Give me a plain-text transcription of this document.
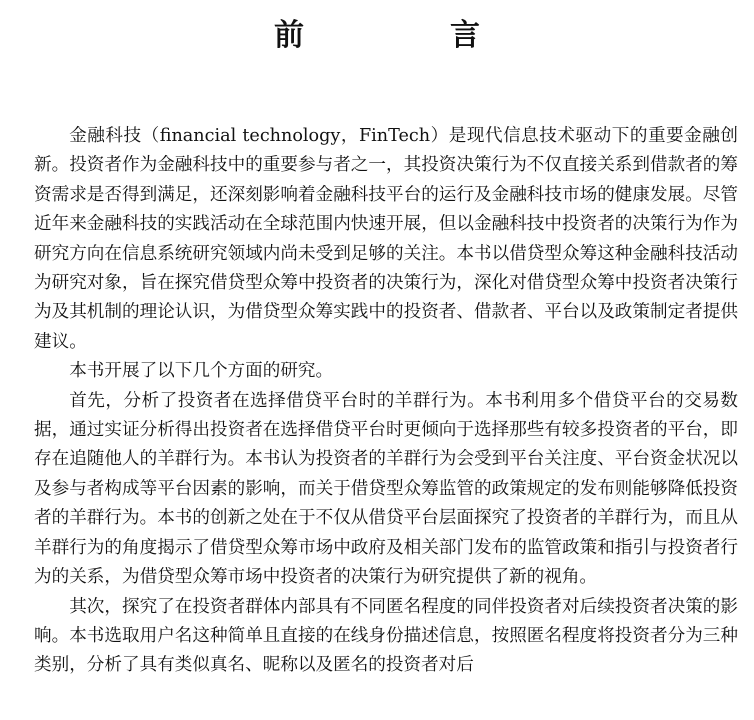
前　言

金融科技（financial technology，FinTech）是现代信息技术驱动下的重要金融创新。投资者作为金融科技中的重要参与者之一，其投资决策行为不仅直接关系到借款者的筹资需求是否得到满足，还深刻影响着金融科技平台的运行及金融科技市场的健康发展。尽管近年来金融科技的实践活动在全球范围内快速开展，但以金融科技中投资者的决策行为作为研究方向在信息系统研究领域内尚未受到足够的关注。本书以借贷型众筹这种金融科技活动为研究对象，旨在探究借贷型众筹中投资者的决策行为，深化对借贷型众筹中投资者决策行为及其机制的理论认识，为借贷型众筹实践中的投资者、借款者、平台以及政策制定者提供建议。

本书开展了以下几个方面的研究。

首先，分析了投资者在选择借贷平台时的羊群行为。本书利用多个借贷平台的交易数据，通过实证分析得出投资者在选择借贷平台时更倾向于选择那些有较多投资者的平台，即存在追随他人的羊群行为。本书认为投资者的羊群行为会受到平台关注度、平台资金状况以及参与者构成等平台因素的影响，而关于借贷型众筹监管的政策规定的发布则能够降低投资者的羊群行为。本书的创新之处在于不仅从借贷平台层面探究了投资者的羊群行为，而且从羊群行为的角度揭示了借贷型众筹市场中政府及相关部门发布的监管政策和指引与投资者行为的关系，为借贷型众筹市场中投资者的决策行为研究提供了新的视角。

其次，探究了在投资者群体内部具有不同匿名程度的同伴投资者对后续投资者决策的影响。本书选取用户名这种简单且直接的在线身份描述信息，按照匿名程度将投资者分为三种类别，分析了具有类似真名、昵称以及匿名的投资者对后
